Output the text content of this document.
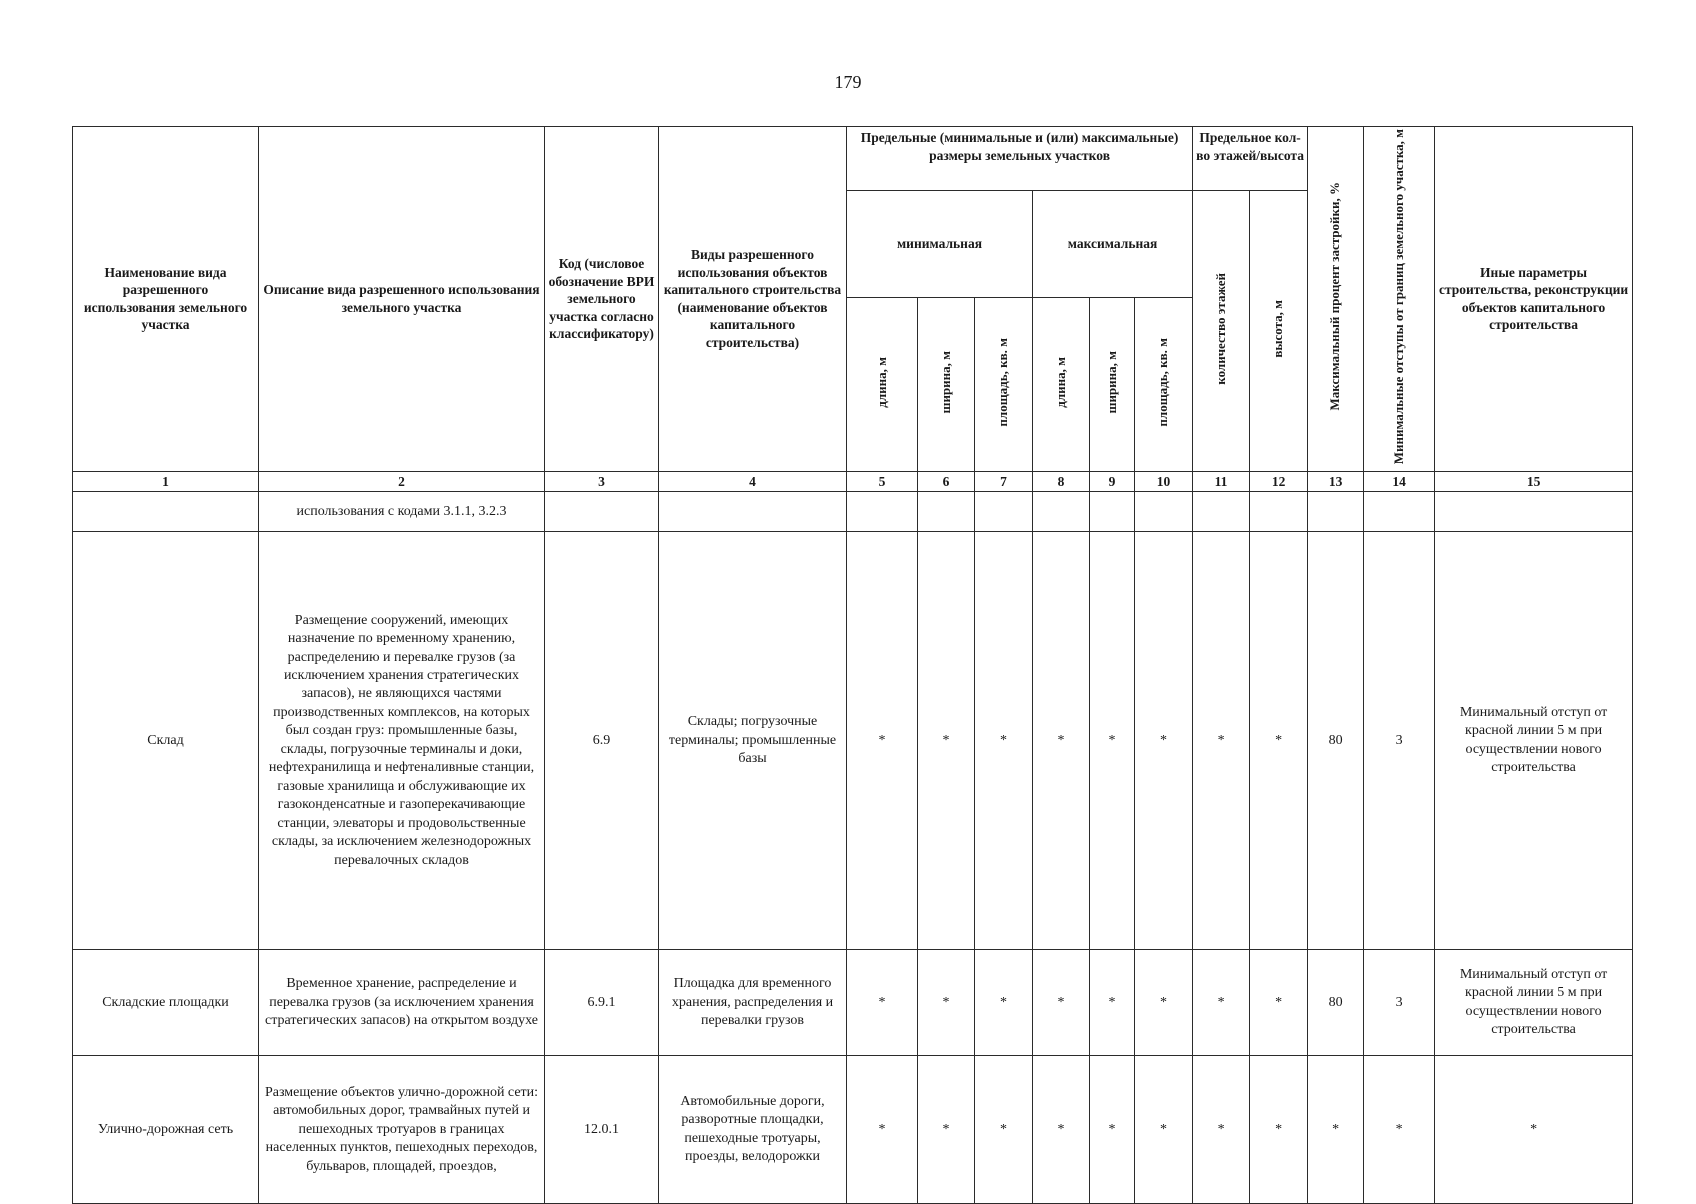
179
Наименование вида разрешенного использования земельного участка	Описание вида разрешенного использования земельного участка	Код (числовое обозначение ВРИ земельного участка согласно классификатору)	Виды разрешенного использования объектов капитального строительства (наименование объектов капитального строительства)	Предельные (минимальные и (или) максимальные) размеры земельных участков						Предельное кол-во этажей/высота		Максимальный процент застройки, %	Минимальные отступы от границ земельного участка, м	Иные параметры строительства, реконструкции объектов капитального строительства
				минимальная			максимальная			количество этажей	высота, м			
				длина, м	ширина, м	площадь, кв. м	длина, м	ширина, м	площадь, кв. м					
1	2	3	4	5	6	7	8	9	10	11	12	13	14	15
	использования с кодами 3.1.1, 3.2.3													
Склад	Размещение сооружений, имеющих назначение по временному хранению, распределению и перевалке грузов (за исключением хранения стратегических запасов), не являющихся частями производственных комплексов, на которых был создан груз: промышленные базы, склады, погрузочные терминалы и доки, нефтехранилища и нефтеналивные станции, газовые хранилища и обслуживающие их газоконденсатные и газоперекачивающие станции, элеваторы и продовольственные склады, за исключением железнодорожных перевалочных складов	6.9	Склады; погрузочные терминалы; промышленные базы	*	*	*	*	*	*	*	*	80	3	Минимальный отступ от красной линии 5 м при осуществлении нового строительства
Складские площадки	Временное хранение, распределение и перевалка грузов (за исключением хранения стратегических запасов) на открытом воздухе	6.9.1	Площадка для временного хранения, распределения и перевалки грузов	*	*	*	*	*	*	*	*	80	3	Минимальный отступ от красной линии 5 м при осуществлении нового строительства
Улично-дорожная сеть	Размещение объектов улично-дорожной сети: автомобильных дорог, трамвайных путей и пешеходных тротуаров в границах населенных пунктов, пешеходных переходов, бульваров, площадей, проездов,	12.0.1	Автомобильные дороги, разворотные площадки, пешеходные тротуары, проезды, велодорожки	*	*	*	*	*	*	*	*	*	*	*
